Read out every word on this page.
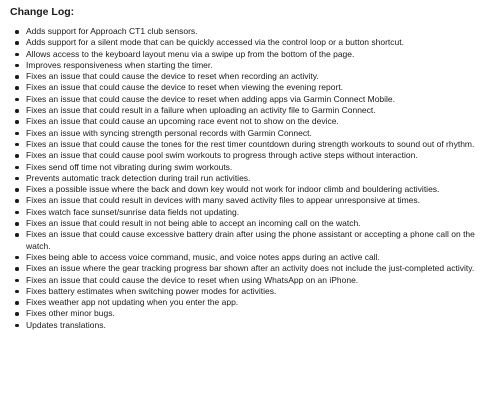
Change Log:
Adds support for Approach CT1 club sensors.
Adds support for a silent mode that can be quickly accessed via the control loop or a button shortcut.
Allows access to the keyboard layout menu via a swipe up from the bottom of the page.
Improves responsiveness when starting the timer.
Fixes an issue that could cause the device to reset when recording an activity.
Fixes an issue that could cause the device to reset when viewing the evening report.
Fixes an issue that could cause the device to reset when adding apps via Garmin Connect Mobile.
Fixes an issue that could result in a failure when uploading an activity file to Garmin Connect.
Fixes an issue that could cause an upcoming race event not to show on the device.
Fixes an issue with syncing strength personal records with Garmin Connect.
Fixes an issue that could cause the tones for the rest timer countdown during strength workouts to sound out of rhythm.
Fixes an issue that could cause pool swim workouts to progress through active steps without interaction.
Fixes send off time not vibrating during swim workouts.
Prevents automatic track detection during trail run activities.
Fixes a possible issue where the back and down key would not work for indoor climb and bouldering activities.
Fixes an issue that could result in devices with many saved activity files to appear unresponsive at times.
Fixes watch face sunset/sunrise data fields not updating.
Fixes an issue that could result in not being able to accept an incoming call on the watch.
Fixes an issue that could cause excessive battery drain after using the phone assistant or accepting a phone call on the watch.
Fixes being able to access voice command, music, and voice notes apps during an active call.
Fixes an issue where the gear tracking progress bar shown after an activity does not include the just-completed activity.
Fixes an issue that could cause the device to reset when using WhatsApp on an iPhone.
Fixes battery estimates when switching power modes for activities.
Fixes weather app not updating when you enter the app.
Fixes other minor bugs.
Updates translations.
